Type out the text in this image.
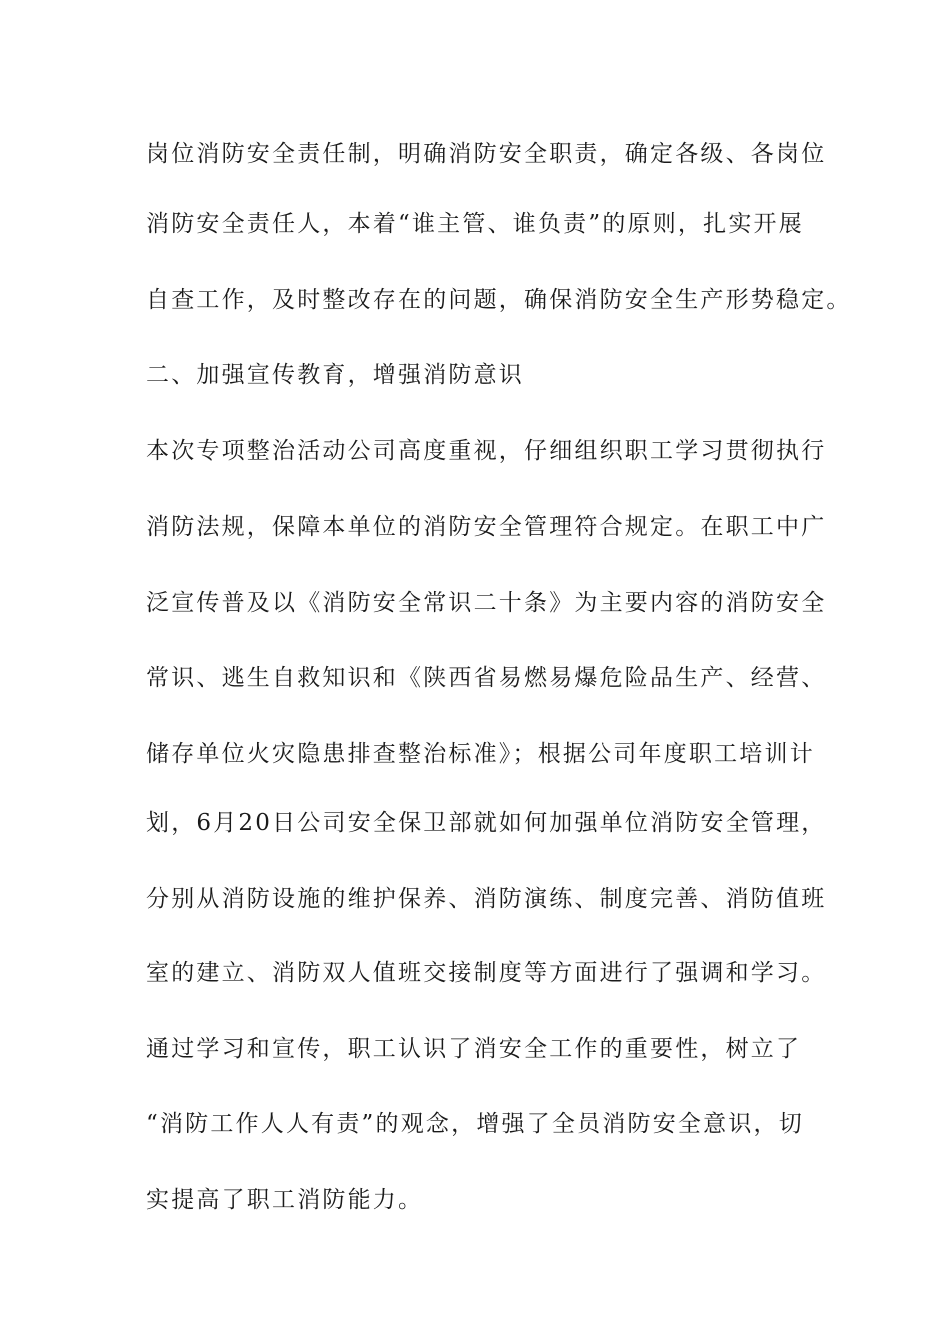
岗位消防安全责任制，明确消防安全职责，确定各级、各岗位
消防安全责任人，本着“谁主管、谁负责”的原则，扎实开展
自查工作，及时整改存在的问题，确保消防安全生产形势稳定。
二、加强宣传教育，增强消防意识
本次专项整治活动公司高度重视，仔细组织职工学习贯彻执行
消防法规，保障本单位的消防安全管理符合规定。在职工中广
泛宣传普及以《消防安全常识二十条》为主要内容的消防安全
常识、逃生自救知识和《陕西省易燃易爆危险品生产、经营、
储存单位火灾隐患排查整治标准》；根据公司年度职工培训计
划，6月20日公司安全保卫部就如何加强单位消防安全管理，
分别从消防设施的维护保养、消防演练、制度完善、消防值班
室的建立、消防双人值班交接制度等方面进行了强调和学习。
通过学习和宣传，职工认识了消安全工作的重要性，树立了
“消防工作人人有责”的观念，增强了全员消防安全意识，切
实提高了职工消防能力。
